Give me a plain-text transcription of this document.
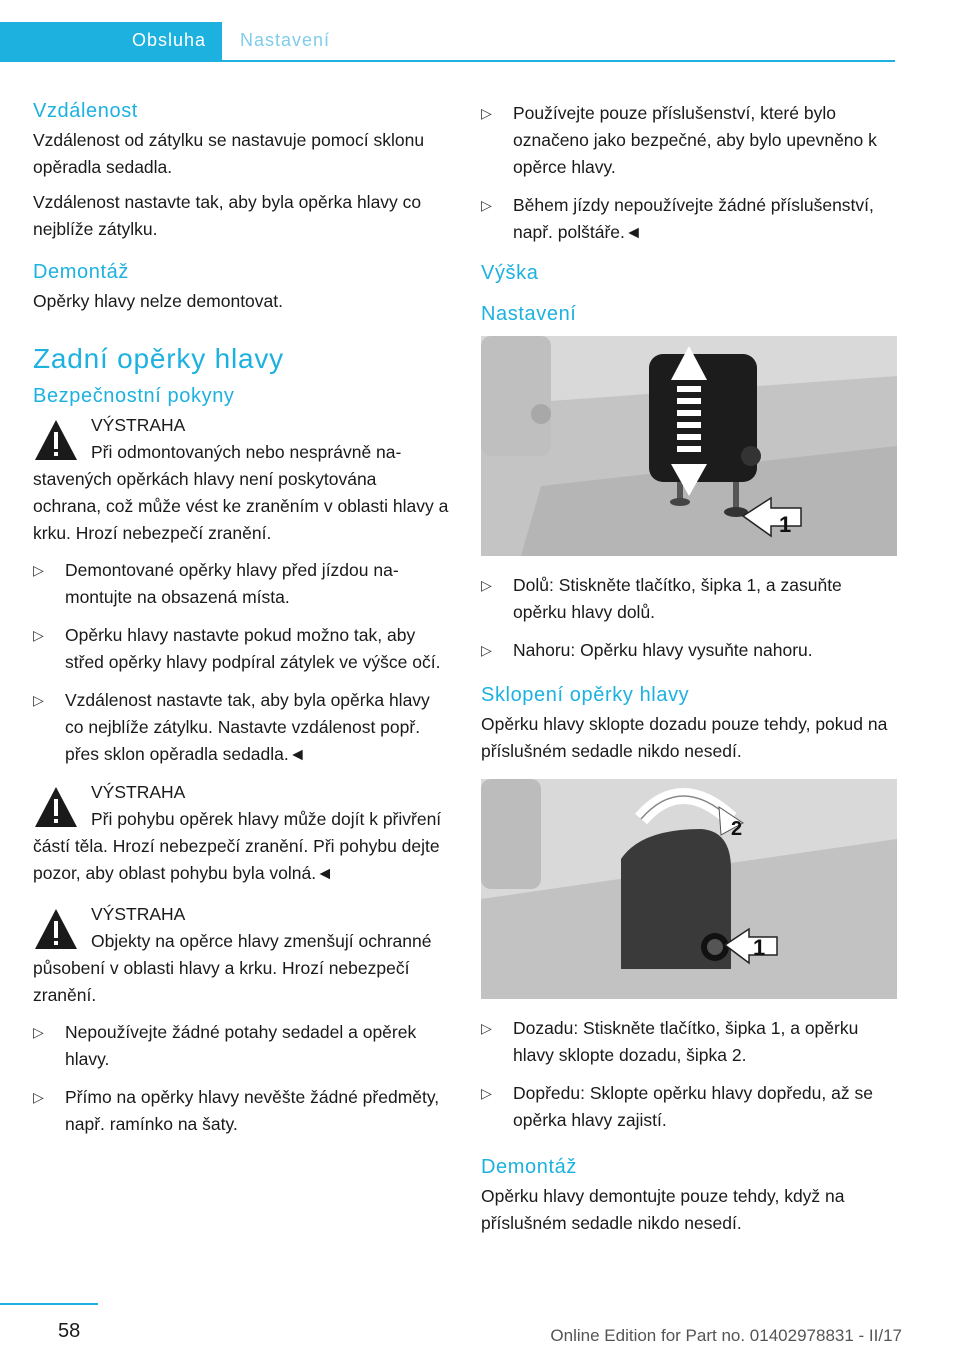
Obsluha Nastavení
Vzdálenost

Vzdálenost od zátylku se nastavuje pomocí sklonu opěradla sedadla.

Vzdálenost nastavte tak, aby byla opěrka hlavy co nejblíže zátylku.

Demontáž

Opěrky hlavy nelze demontovat.

Zadní opěrky hlavy
Bezpečnostní pokyny
VÝSTRAHA
Při odmontovaných nebo nesprávně nastavených opěrkách hlavy není poskytována ochrana, což může vést ke zraněním v oblasti hlavy a krku. Hrozí nebezpečí zranění.
▷ Demontované opěrky hlavy před jízdou namontujte na obsazená místa.
▷ Opěrku hlavy nastavte pokud možno tak, aby střed opěrky hlavy podpíral zátylek ve výšce očí.
▷ Vzdálenost nastavte tak, aby byla opěrka hlavy co nejblíže zátylku. Nastavte vzdálenost popř. přes sklon opěradla sedadla.◄
VÝSTRAHA
Při pohybu opěrek hlavy může dojít k přivření částí těla. Hrozí nebezpečí zranění. Při pohybu dejte pozor, aby oblast pohybu byla volná.◄
VÝSTRAHA
Objekty na opěrce hlavy zmenšují ochranné působení v oblasti hlavy a krku. Hrozí nebezpečí zranění.
▷ Nepoužívejte žádné potahy sedadel a opěrek hlavy.
▷ Přímo na opěrky hlavy nevěšte žádné předměty, např. ramínko na šaty.
▷ Používejte pouze příslušenství, které bylo označeno jako bezpečné, aby bylo upevněno k opěrce hlavy.
▷ Během jízdy nepoužívejte žádné příslušenství, např. polštáře.◄
Výška
Nastavení
1
▷ Dolů: Stiskněte tlačítko, šipka 1, a zasuňte opěrku hlavy dolů.
▷ Nahoru: Opěrku hlavy vysuňte nahoru.
Sklopení opěrky hlavy

Opěrku hlavy sklopte dozadu pouze tehdy, pokud na příslušném sedadle nikdo nesedí.

2
1
▷ Dozadu: Stiskněte tlačítko, šipka 1, a opěrku hlavy sklopte dozadu, šipka 2.
▷ Dopředu: Sklopte opěrku hlavy dopředu, až se opěrka hlavy zajistí.
Demontáž

Opěrku hlavy demontujte pouze tehdy, když na příslušném sedadle nikdo nesedí.

58	Online Edition for Part no. 01402978831 - II/17
